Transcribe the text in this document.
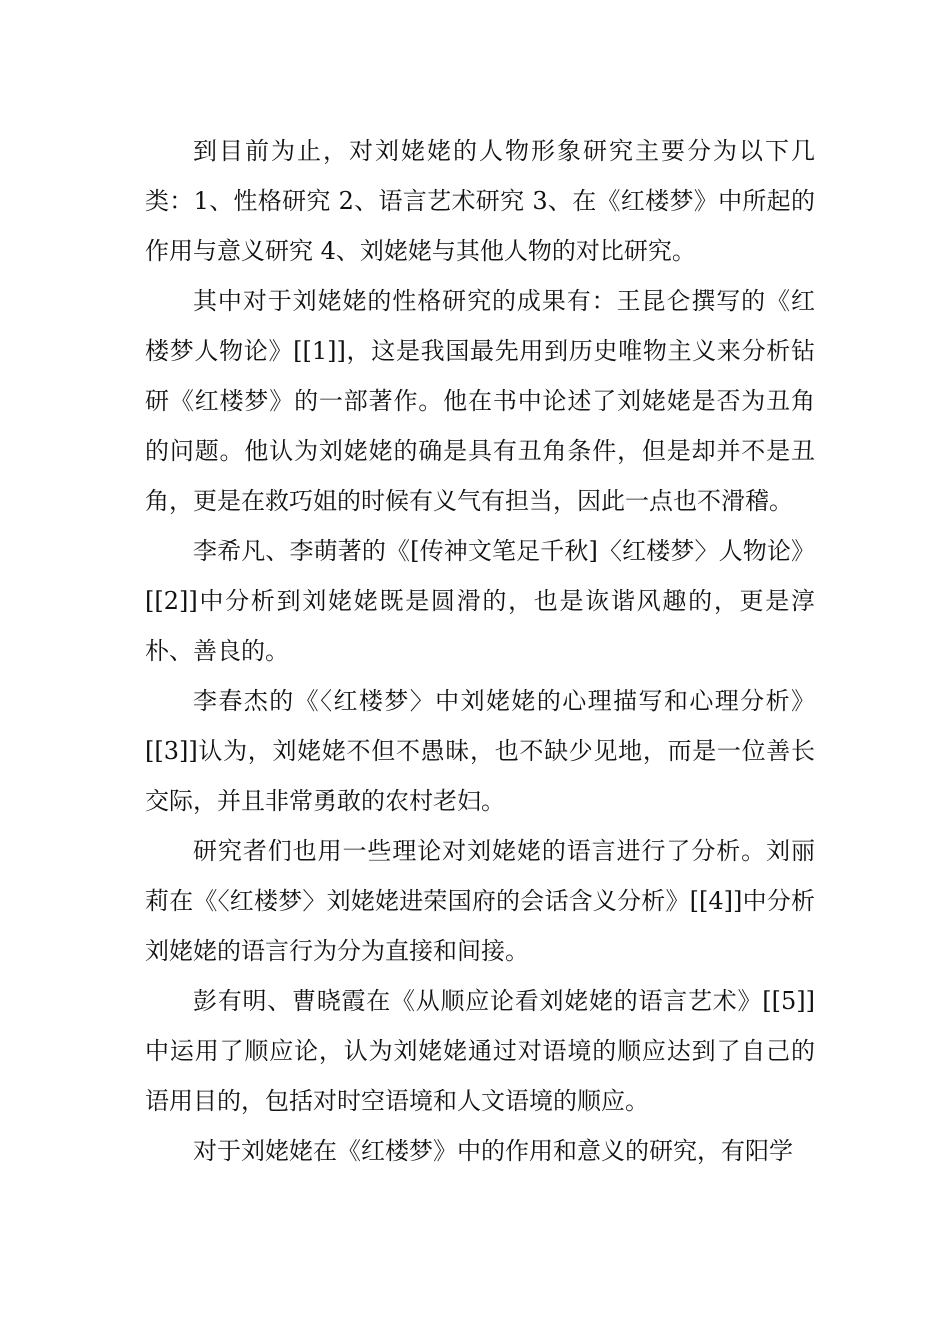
到目前为止，对刘姥姥的人物形象研究主要分为以下几类：1、性格研究 2、语言艺术研究 3、在《红楼梦》中所起的作用与意义研究 4、刘姥姥与其他人物的对比研究。

其中对于刘姥姥的性格研究的成果有：王昆仑撰写的《红楼梦人物论》[[1]]，这是我国最先用到历史唯物主义来分析钻研《红楼梦》的一部著作。他在书中论述了刘姥姥是否为丑角的问题。他认为刘姥姥的确是具有丑角条件，但是却并不是丑角，更是在救巧姐的时候有义气有担当，因此一点也不滑稽。

李希凡、李萌著的《[传神文笔足千秋]〈红楼梦〉人物论》[[2]]中分析到刘姥姥既是圆滑的，也是诙谐风趣的，更是淳朴、善良的。

李春杰的《〈红楼梦〉中刘姥姥的心理描写和心理分析》[[3]]认为，刘姥姥不但不愚昧，也不缺少见地，而是一位善长交际，并且非常勇敢的农村老妇。

研究者们也用一些理论对刘姥姥的语言进行了分析。刘丽莉在《〈红楼梦〉刘姥姥进荣国府的会话含义分析》[[4]]中分析刘姥姥的语言行为分为直接和间接。

彭有明、曹晓霞在《从顺应论看刘姥姥的语言艺术》[[5]]中运用了顺应论，认为刘姥姥通过对语境的顺应达到了自己的语用目的，包括对时空语境和人文语境的顺应。

对于刘姥姥在《红楼梦》中的作用和意义的研究，有阳学
